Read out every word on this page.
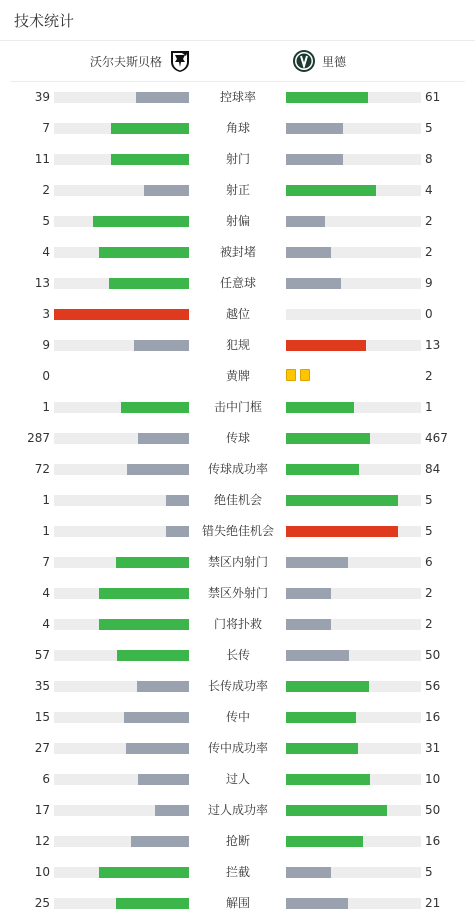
技术统计
沃尔夫斯贝格	里德
39	控球率	61
7	角球	5
11	射门	8
2	射正	4
5	射偏	2
4	被封堵	2
13	任意球	9
3	越位	0
9	犯规	13
0	黄牌	2
1	击中门框	1
287	传球	467
72	传球成功率	84
1	绝佳机会	5
1	错失绝佳机会	5
7	禁区内射门	6
4	禁区外射门	2
4	门将扑救	2
57	长传	50
35	长传成功率	56
15	传中	16
27	传中成功率	31
6	过人	10
17	过人成功率	50
12	抢断	16
10	拦截	5
25	解围	21
